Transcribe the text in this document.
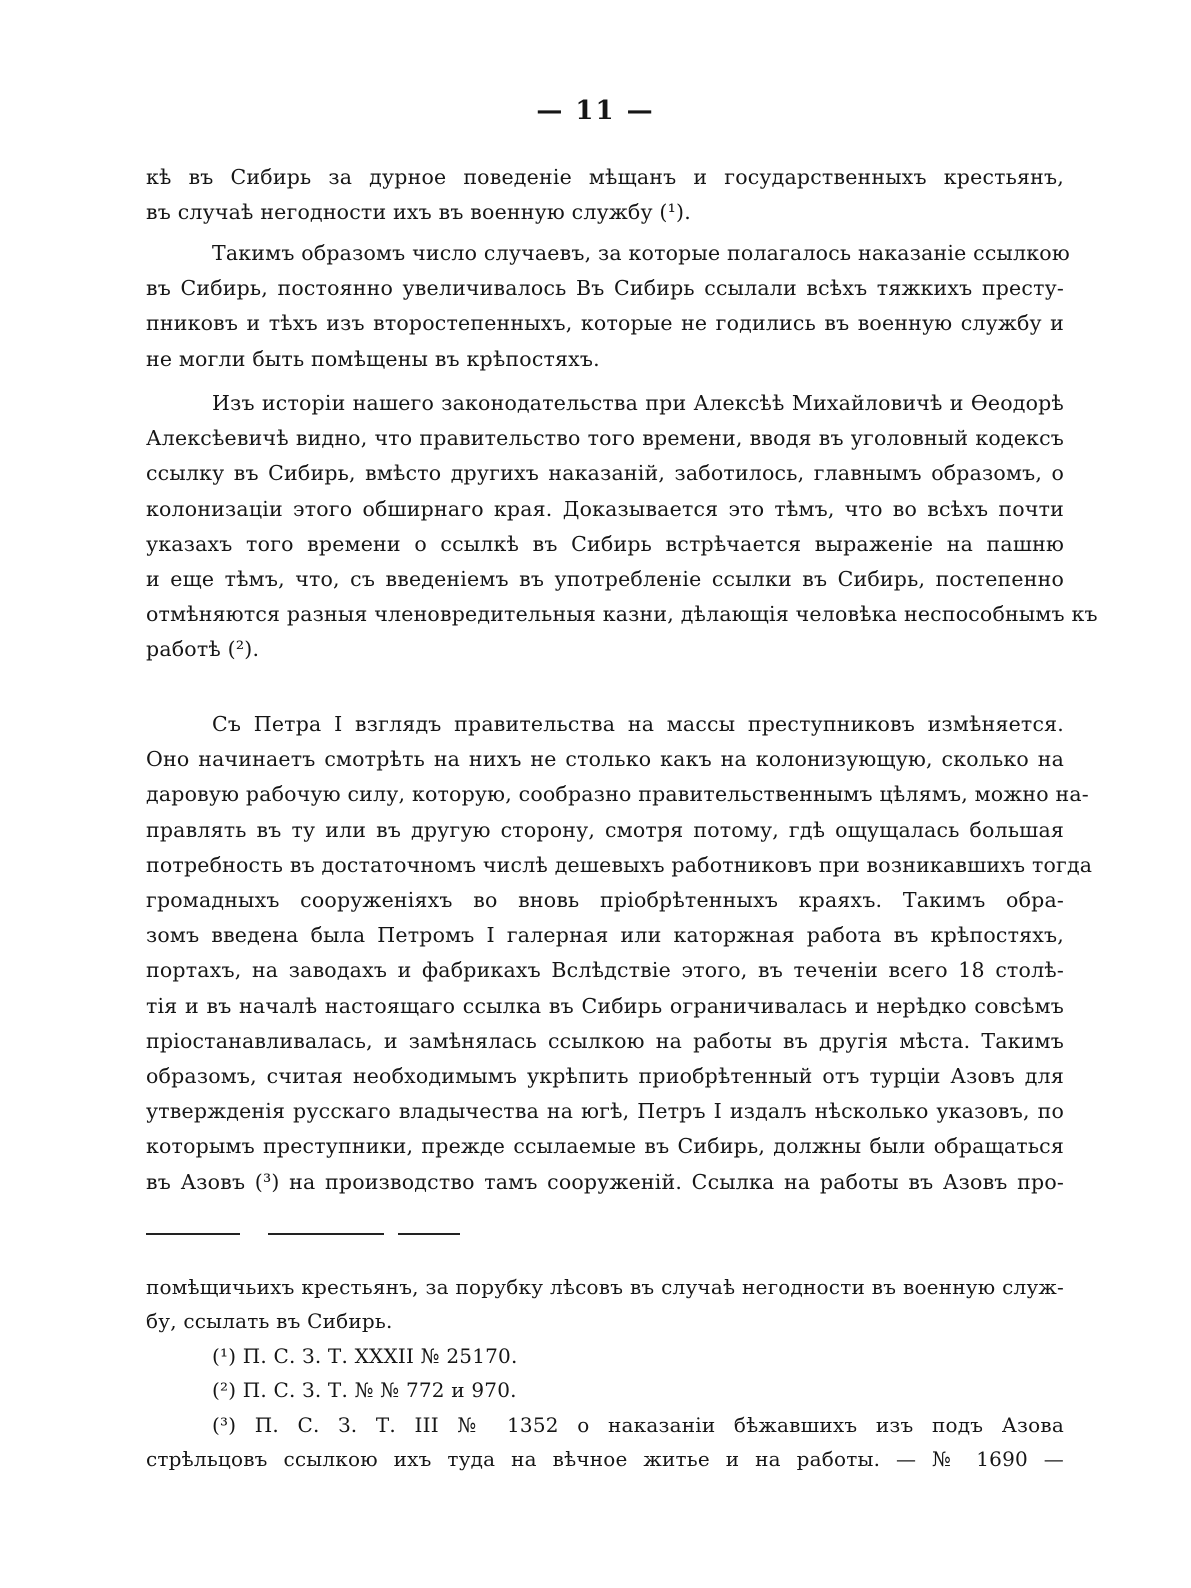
— 11 —
кѣ въ Сибирь за дурное поведеніе мѣщанъ и государственныхъ крестьянъ,
въ случаѣ негодности ихъ въ военную службу (¹).
Такимъ образомъ число случаевъ, за которые полагалось наказаніе ссылкою
въ Сибирь, постоянно увеличивалось Въ Сибирь ссылали всѣхъ тяжкихъ престу-
пниковъ и тѣхъ изъ второстепенныхъ, которые не годились въ военную службу и
не могли быть помѣщены въ крѣпостяхъ.
Изъ исторіи нашего законодательства при Алексѣѣ Михайловичѣ и Ѳеодорѣ
Алексѣевичѣ видно, что правительство того времени, вводя въ уголовный кодексъ
ссылку въ Сибирь, вмѣсто другихъ наказаній, заботилось, главнымъ образомъ, о
колонизаціи этого обширнаго края. Доказывается это тѣмъ, что во всѣхъ почти
указахъ того времени о ссылкѣ въ Сибирь встрѣчается выраженіе на пашню
и еще тѣмъ, что, съ введеніемъ въ употребленіе ссылки въ Сибирь, постепенно
отмѣняются разныя членовредительныя казни, дѣлающія человѣка неспособнымъ къ
работѣ (²).
Съ Петра I взглядъ правительства на массы преступниковъ измѣняется.
Оно начинаетъ смотрѣть на нихъ не столько какъ на колонизующую, сколько на
даровую рабочую силу, которую, сообразно правительственнымъ цѣлямъ, можно на-
правлять въ ту или въ другую сторону, смотря потому, гдѣ ощущалась большая
потребность въ достаточномъ числѣ дешевыхъ работниковъ при возникавшихъ тогда
громадныхъ сооруженіяхъ во вновь пріобрѣтенныхъ краяхъ. Такимъ обра-
зомъ введена была Петромъ I галерная или каторжная работа въ крѣпостяхъ,
портахъ, на заводахъ и фабрикахъ Вслѣдствіе этого, въ теченіи всего 18 столѣ-
тія и въ началѣ настоящаго ссылка въ Сибирь ограничивалась и нерѣдко совсѣмъ
пріостанавливалась, и замѣнялась ссылкою на работы въ другія мѣста. Такимъ
образомъ, считая необходимымъ укрѣпить приобрѣтенный отъ турціи Азовъ для
утвержденія русскаго владычества на югѣ, Петръ I издалъ нѣсколько указовъ, по
которымъ преступники, прежде ссылаемые въ Сибирь, должны были обращаться
въ Азовъ (³) на производство тамъ сооруженій. Ссылка на работы въ Азовъ про-
помѣщичьихъ крестьянъ, за порубку лѣсовъ въ случаѣ негодности въ военную служ-
бу, ссылать въ Сибирь.
(¹) П. С. З. Т. XXXII № 25170.
(²) П. С. З. Т. № № 772 и 970.
(³) П. С. З. Т. III № 1352 о наказаніи бѣжавшихъ изъ подъ Азова
стрѣльцовъ ссылкою ихъ туда на вѣчное житье и на работы. — № 1690 —
